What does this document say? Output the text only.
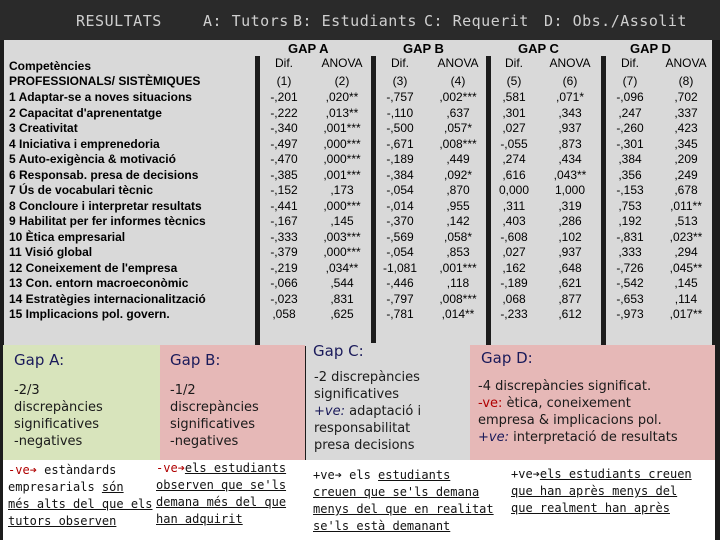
RESULTATS	A: Tutors B: Estudiants C: Requerit D: Obs./Assolit
GAP A	GAP B	GAP C	GAP D
Dif.	ANOVA	Dif.	ANOVA	Dif.	ANOVA	Dif.	ANOVA
Competències
PROFESSIONALS/ SISTÈMIQUES	(1)	(2)	(3)	(4)	(5)	(6)	(7)	(8)
1 Adaptar-se a noves situacions	-,201	,020**	-,757	,002***	,581	,071*	-,096	,702
2 Capacitat d'aprenentatge	-,222	,013**	-,110	,637	,301	,343	,247	,337
3 Creativitat	-,340	,001***	-,500	,057*	,027	,937	-,260	,423
4 Iniciativa i emprenedoria	-,497	,000***	-,671	,008***	-,055	,873	-,301	,345
5 Auto-exigència & motivació	-,470	,000***	-,189	,449	,274	,434	,384	,209
6 Responsab. presa de decisions	-,385	,001***	-,384	,092*	,616	,043**	,356	,249
7 Ús de vocabulari tècnic	-,152	,173	-,054	,870	0,000	1,000	-,153	,678
8 Concloure i interpretar resultats	-,441	,000***	-,014	,955	,311	,319	,753	,011**
9 Habilitat per fer informes tècnics	-,167	,145	-,370	,142	,403	,286	,192	,513
10 Ètica empresarial	-,333	,003***	-,569	,058*	-,608	,102	-,831	,023**
11 Visió global	-,379	,000***	-,054	,853	,027	,937	,333	,294
12 Coneixement de l'empresa	-,219	,034**	-1,081	,001***	,162	,648	-,726	,045**
13 Con. entorn macroeconòmic	-,066	,544	-,446	,118	-,189	,621	-,542	,145
14 Estratègies internacionalització	-,023	,831	-,797	,008***	,068	,877	-,653	,114
15 Implicacions pol. govern.	,058	,625	-,781	,014**	-,233	,612	-,973	,017**
Gap A:
-2/3
discrepàncies
significatives
-negatives
Gap B:
-1/2
discrepàncies
significatives
-negatives
Gap C:
-2 discrepàncies
significatives
+ve: adaptació i
responsabilitat
presa decisions
Gap D:
-4 discrepàncies significat.
-ve: ètica, coneixement
empresa & implicacions pol.
+ve: interpretació de resultats
-ve➔ estàndards
empresarials són
més alts del que els
tutors observen
-ve➔els estudiants
observen que se'ls
demana més del que
han adquirit
+ve➔ els estudiants
creuen que se'ls demana
menys del que en realitat
se'ls està demanant
+ve➔els estudiants creuen
que han après menys del
que realment han après
